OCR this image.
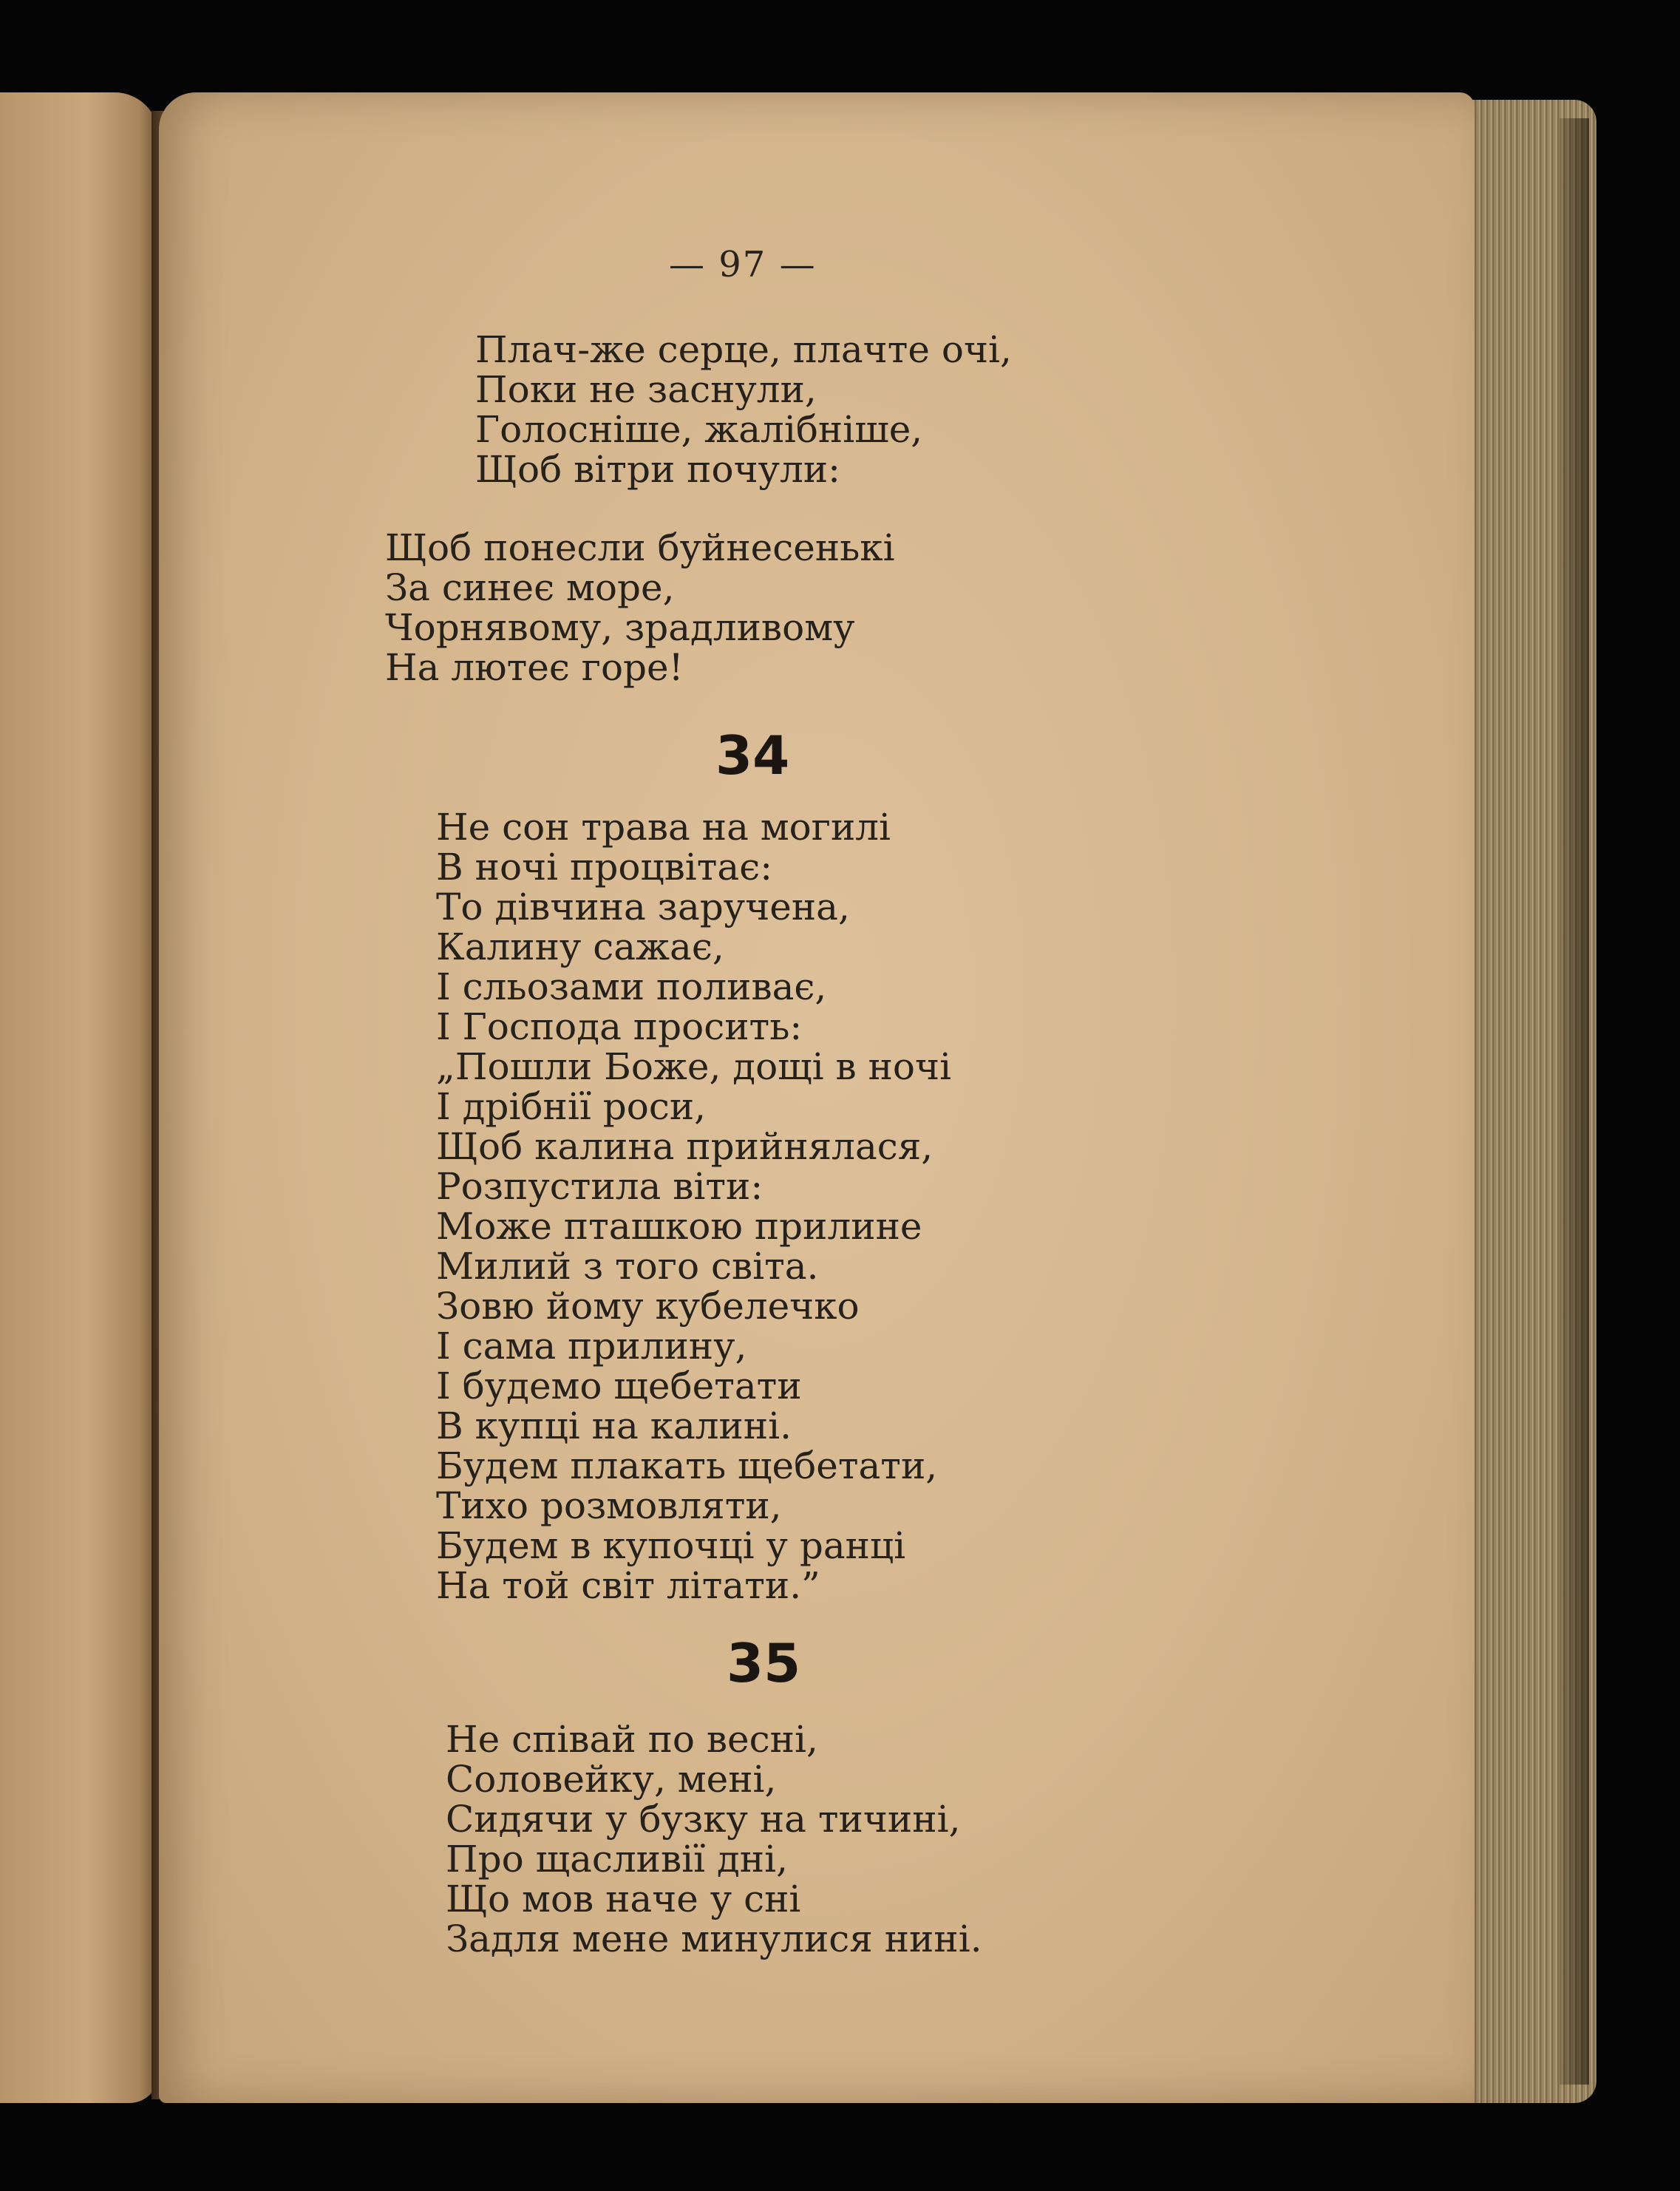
— 97 —
Плач-же серце, плачте очі,
Поки не заснули,
Голосніше, жалібніше,
Щоб вітри почули:
Щоб понесли буйнесенькі
За синеє море,
Чорнявому, зрадливому
На лютеє горе!
34
Не сон трава на могилі
В ночі процвітає:
То дівчина заручена,
Калину сажає,
І сльозами поливає,
І Господа просить:
„Пошли Боже, дощі в ночі
І дрібнії роси,
Щоб калина прийнялася,
Розпустила віти:
Може пташкою прилине
Милий з того світа.
Зовю йому кубелечко
І сама прилину,
І будемо щебетати
В купці на калині.
Будем плакать щебетати,
Тихо розмовляти,
Будем в купочці у ранці
На той світ літати.”
35
Не співай по весні,
Соловейку, мені,
Сидячи у бузку на тичині,
Про щасливії дні,
Що мов наче у сні
Задля мене минулися нині.
